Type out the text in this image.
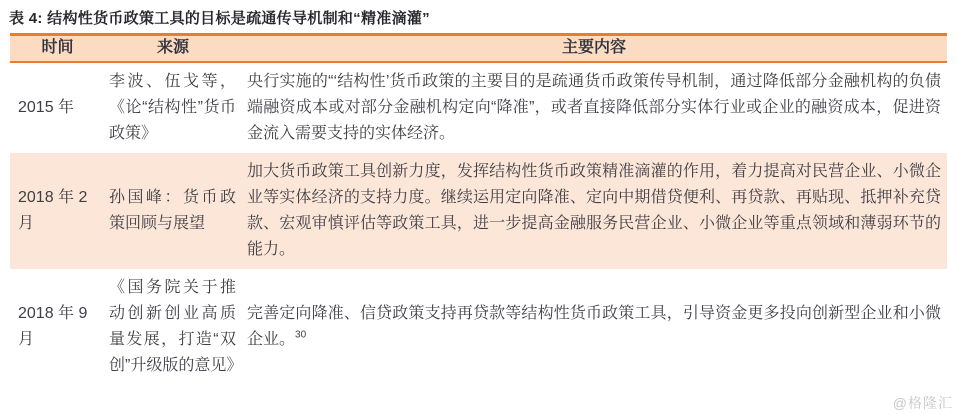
表 4: 结构性货币政策工具的目标是疏通传导机制和“精准滴灌”
时间	来源	主要内容
2015 年	李波、伍戈等，《论“结构性”货币政策》	央行实施的“‘结构性’货币政策的主要目的是疏通货币政策传导机制，通过降低部分金融机构的负债端融资成本或对部分金融机构定向“降准”，或者直接降低部分实体行业或企业的融资成本，促进资金流入需要支持的实体经济。
2018 年 2 月	孙国峰：货币政策回顾与展望	加大货币政策工具创新力度，发挥结构性货币政策精准滴灌的作用，着力提高对民营企业、小微企业等实体经济的支持力度。继续运用定向降准、定向中期借贷便利、再贷款、再贴现、抵押补充贷款、宏观审慎评估等政策工具，进一步提高金融服务民营企业、小微企业等重点领域和薄弱环节的能力。
2018 年 9 月	《国务院关于推动创新创业高质量发展，打造“双创”升级版的意见》	完善定向降准、信贷政策支持再贷款等结构性货币政策工具，引导资金更多投向创新型企业和小微企业。$^{30}$
@格隆汇
